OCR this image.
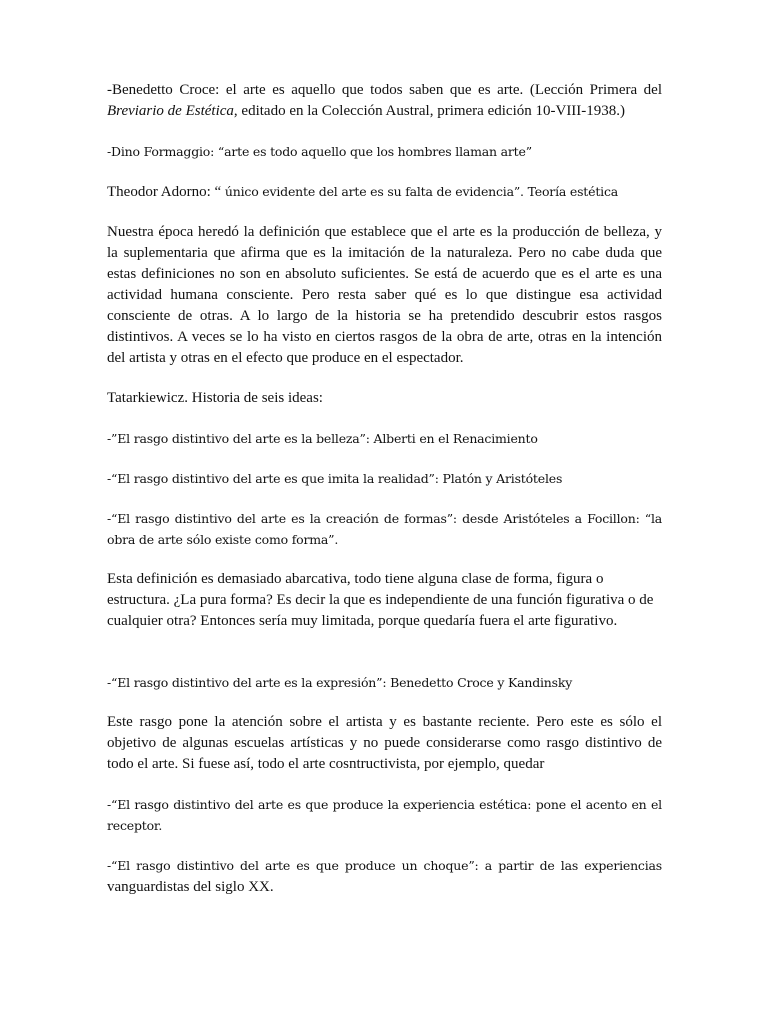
-Benedetto Croce: el arte es aquello que todos saben que es arte. (Lección Primera del Breviario de Estética, editado en la Colección Austral, primera edición 10-VIII-1938.)

-Dino Formaggio: “arte es todo aquello que los hombres llaman arte”

Theodor Adorno: “ único evidente del arte es su falta de evidencia”. Teoría estética

Nuestra época heredó la definición que establece que el arte es la producción de belleza, y la suplementaria que afirma que es la imitación de la naturaleza. Pero no cabe duda que estas definiciones no son en absoluto suficientes. Se está de acuerdo que es el arte es una actividad humana consciente. Pero resta saber qué es lo que distingue esa actividad consciente de otras. A lo largo de la historia se ha pretendido descubrir estos rasgos distintivos. A veces se lo ha visto en ciertos rasgos de la obra de arte, otras en la intención del artista y otras en el efecto que produce en el espectador.

Tatarkiewicz. Historia de seis ideas:

-”El rasgo distintivo del arte es la belleza”: Alberti en el Renacimiento

-“El rasgo distintivo del arte es que imita la realidad”: Platón y Aristóteles

-“El rasgo distintivo del arte es la creación de formas”: desde Aristóteles a Focillon: “la obra de arte sólo existe como forma”.

Esta definición es demasiado abarcativa, todo tiene alguna clase de forma, figura o estructura. ¿La pura forma? Es decir la que es independiente de una función figurativa o de cualquier otra? Entonces sería muy limitada, porque quedaría fuera el arte figurativo.

-“El rasgo distintivo del arte es la expresión”: Benedetto Croce y Kandinsky

Este rasgo pone la atención sobre el artista y es bastante reciente. Pero este es sólo el objetivo de algunas escuelas artísticas y no puede considerarse como rasgo distintivo de todo el arte. Si fuese así, todo el arte cosntructivista, por ejemplo, quedar

-“El rasgo distintivo del arte es que produce la experiencia estética: pone el acento en el receptor.

-“El rasgo distintivo del arte es que produce un choque”: a partir de las experiencias vanguardistas del siglo XX.
